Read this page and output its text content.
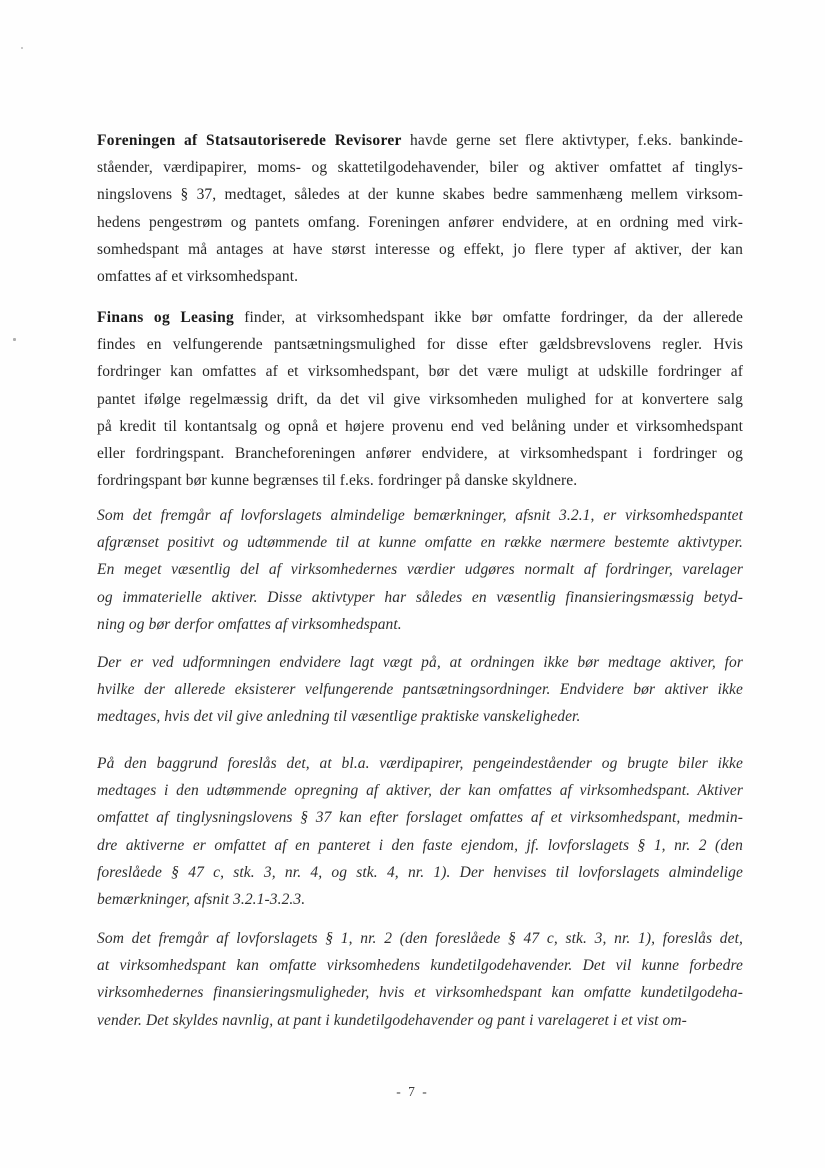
Foreningen af Statsautoriserede Revisorer havde gerne set flere aktivtyper, f.eks. bankinde-
ståender, værdipapirer, moms- og skattetilgodehavender, biler og aktiver omfattet af tinglys-
ningslovens § 37, medtaget, således at der kunne skabes bedre sammenhæng mellem virksom-
hedens pengestrøm og pantets omfang. Foreningen anfører endvidere, at en ordning med virk-
somhedspant må antages at have størst interesse og effekt, jo flere typer af aktiver, der kan
omfattes af et virksomhedspant.
Finans og Leasing finder, at virksomhedspant ikke bør omfatte fordringer, da der allerede
findes en velfungerende pantsætningsmulighed for disse efter gældsbrevslovens regler. Hvis
fordringer kan omfattes af et virksomhedspant, bør det være muligt at udskille fordringer af
pantet ifølge regelmæssig drift, da det vil give virksomheden mulighed for at konvertere salg
på kredit til kontantsalg og opnå et højere provenu end ved belåning under et virksomhedspant
eller fordringspant. Brancheforeningen anfører endvidere, at virksomhedspant i fordringer og
fordringspant bør kunne begrænses til f.eks. fordringer på danske skyldnere.
Som det fremgår af lovforslagets almindelige bemærkninger, afsnit 3.2.1, er virksomhedspantet
afgrænset positivt og udtømmende til at kunne omfatte en række nærmere bestemte aktivtyper.
En meget væsentlig del af virksomhedernes værdier udgøres normalt af fordringer, varelager
og immaterielle aktiver. Disse aktivtyper har således en væsentlig finansieringsmæssig betyd-
ning og bør derfor omfattes af virksomhedspant.
Der er ved udformningen endvidere lagt vægt på, at ordningen ikke bør medtage aktiver, for
hvilke der allerede eksisterer velfungerende pantsætningsordninger. Endvidere bør aktiver ikke
medtages, hvis det vil give anledning til væsentlige praktiske vanskeligheder.
På den baggrund foreslås det, at bl.a. værdipapirer, pengeindeståender og brugte biler ikke
medtages i den udtømmende opregning af aktiver, der kan omfattes af virksomhedspant. Aktiver
omfattet af tinglysningslovens § 37 kan efter forslaget omfattes af et virksomhedspant, medmin-
dre aktiverne er omfattet af en panteret i den faste ejendom, jf. lovforslagets § 1, nr. 2 (den
foreslåede § 47 c, stk. 3, nr. 4, og stk. 4, nr. 1). Der henvises til lovforslagets almindelige
bemærkninger, afsnit 3.2.1-3.2.3.
Som det fremgår af lovforslagets § 1, nr. 2 (den foreslåede § 47 c, stk. 3, nr. 1), foreslås det,
at virksomhedspant kan omfatte virksomhedens kundetilgodehavender. Det vil kunne forbedre
virksomhedernes finansieringsmuligheder, hvis et virksomhedspant kan omfatte kundetilgodeha-
vender. Det skyldes navnlig, at pant i kundetilgodehavender og pant i varelageret i et vist om-
- 7 -
